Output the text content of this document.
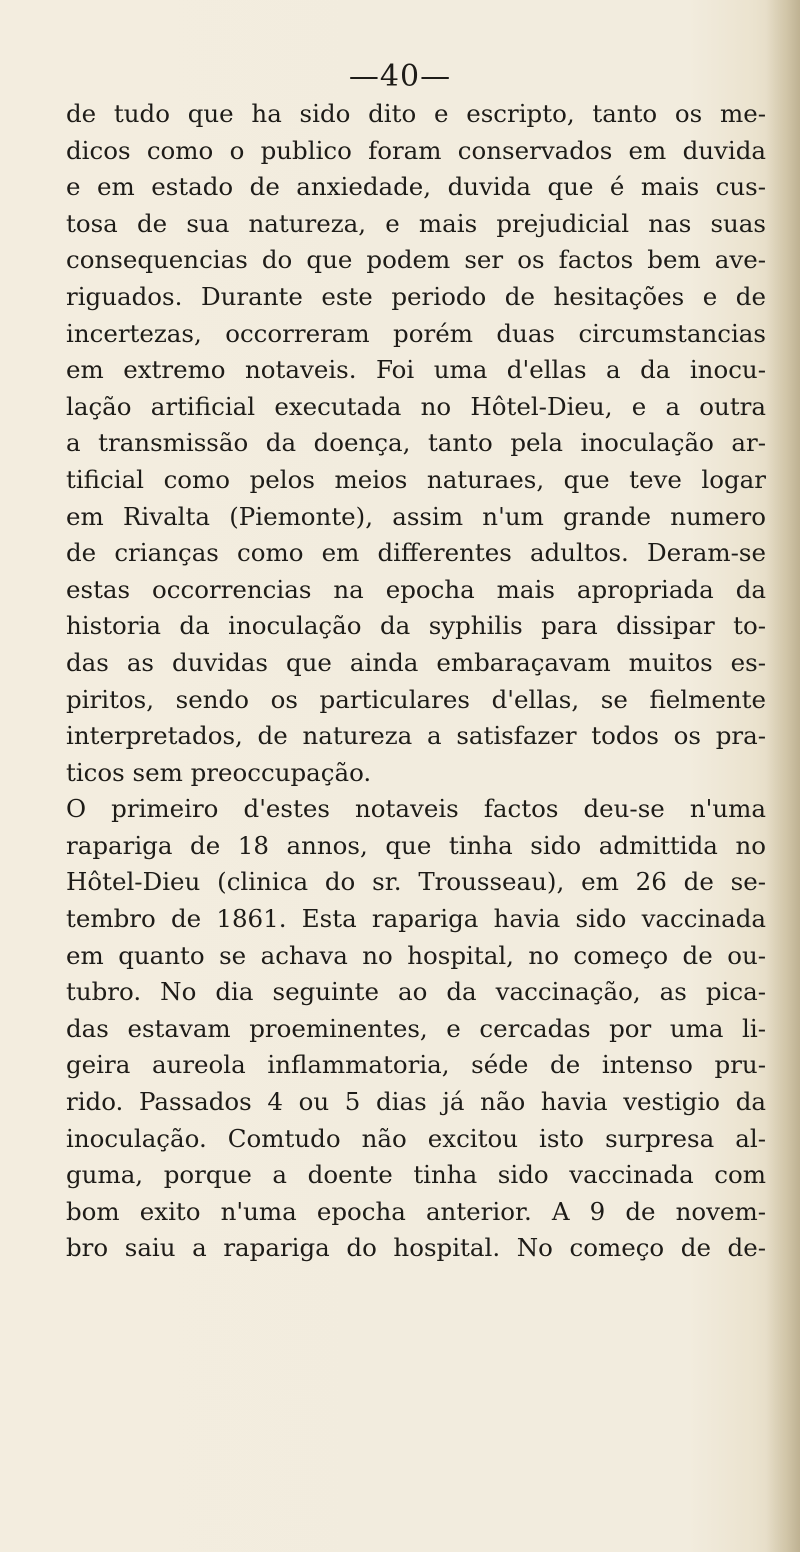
—40—
de tudo que ha sido dito e escripto, tanto os me-
dicos como o publico foram conservados em duvida
e em estado de anxiedade, duvida que é mais cus-
tosa de sua natureza, e mais prejudicial nas suas
consequencias do que podem ser os factos bem ave-
riguados. Durante este periodo de hesitações e de
incertezas, occorreram porém duas circumstancias
em extremo notaveis. Foi uma d'ellas a da inocu-
lação artificial executada no Hôtel-Dieu, e a outra
a transmissão da doença, tanto pela inoculação ar-
tificial como pelos meios naturaes, que teve logar
em Rivalta (Piemonte), assim n'um grande numero
de crianças como em differentes adultos. Deram-se
estas occorrencias na epocha mais apropriada da
historia da inoculação da syphilis para dissipar to-
das as duvidas que ainda embaraçavam muitos es-
piritos, sendo os particulares d'ellas, se fielmente
interpretados, de natureza a satisfazer todos os pra-
ticos sem preoccupação.
O primeiro d'estes notaveis factos deu-se n'uma
rapariga de 18 annos, que tinha sido admittida no
Hôtel-Dieu (clinica do sr. Trousseau), em 26 de se-
tembro de 1861. Esta rapariga havia sido vaccinada
em quanto se achava no hospital, no começo de ou-
tubro. No dia seguinte ao da vaccinação, as pica-
das estavam proeminentes, e cercadas por uma li-
geira aureola inflammatoria, séde de intenso pru-
rido. Passados 4 ou 5 dias já não havia vestigio da
inoculação. Comtudo não excitou isto surpresa al-
guma, porque a doente tinha sido vaccinada com
bom exito n'uma epocha anterior. A 9 de novem-
bro saiu a rapariga do hospital. No começo de de-
